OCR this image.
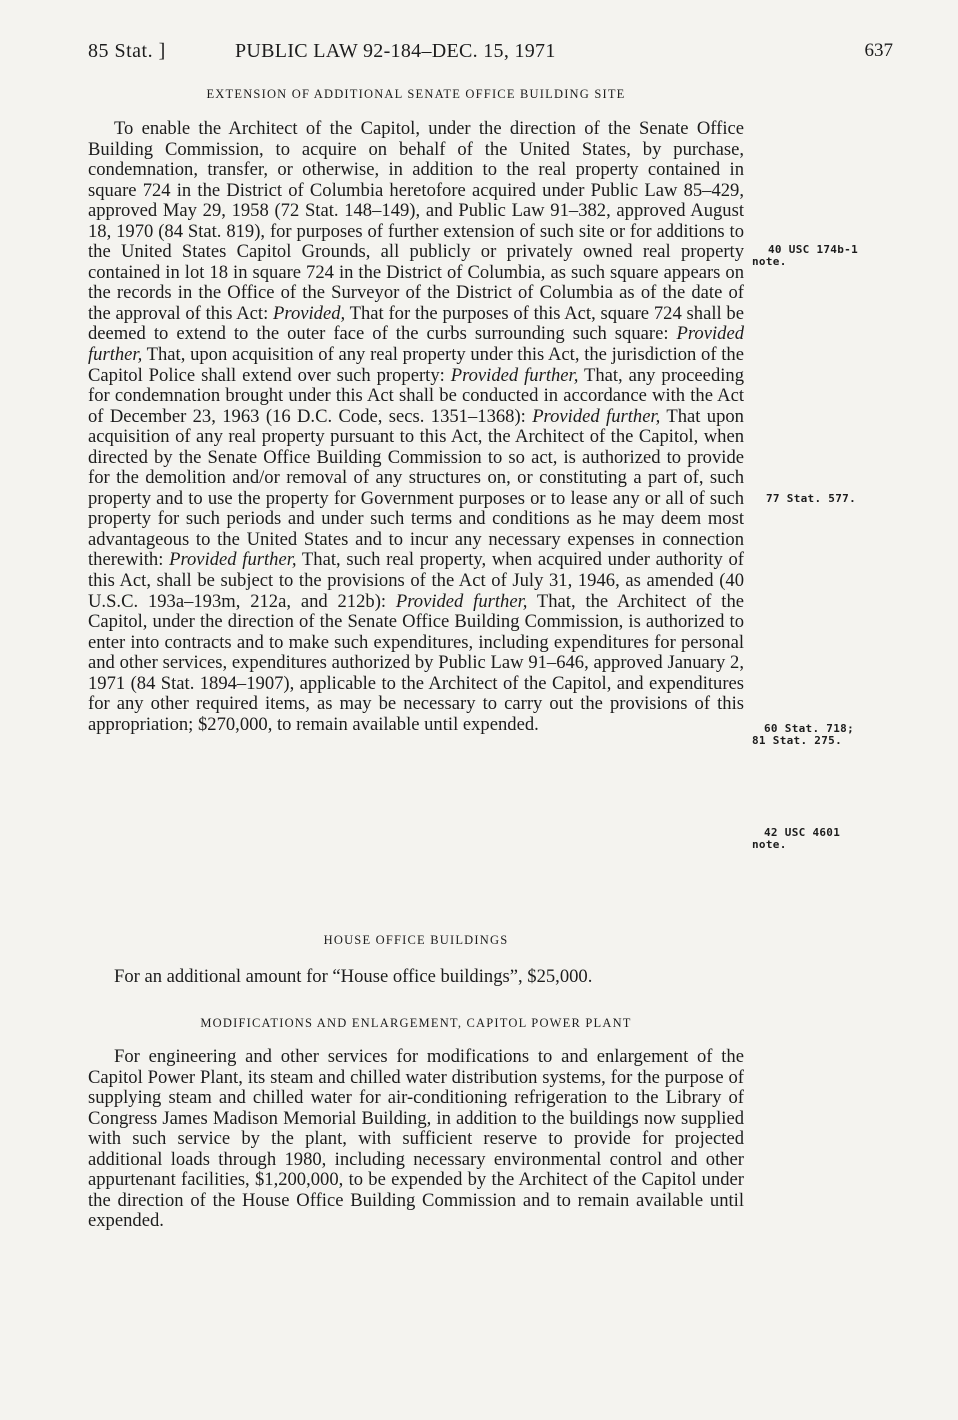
85 Stat. ]	PUBLIC LAW 92-184–DEC. 15, 1971	637
EXTENSION OF ADDITIONAL SENATE OFFICE BUILDING SITE

To enable the Architect of the Capitol, under the direction of the Senate Office Building Commission, to acquire on behalf of the United States, by purchase, condemnation, transfer, or otherwise, in addition to the real property contained in square 724 in the District of Columbia heretofore acquired under Public Law 85–429, approved May 29, 1958 (72 Stat. 148–149), and Public Law 91–382, approved August 18, 1970 (84 Stat. 819), for purposes of further extension of such site or for additions to the United States Capitol Grounds, all publicly or privately owned real property contained in lot 18 in square 724 in the District of Columbia, as such square appears on the records in the Office of the Surveyor of the District of Columbia as of the date of the approval of this Act: Provided, That for the purposes of this Act, square 724 shall be deemed to extend to the outer face of the curbs surrounding such square: Provided further, That, upon acquisition of any real property under this Act, the jurisdiction of the Capitol Police shall extend over such property: Provided further, That, any proceeding for condemnation brought under this Act shall be conducted in accordance with the Act of December 23, 1963 (16 D.C. Code, secs. 1351–1368): Provided further, That upon acquisition of any real property pursuant to this Act, the Architect of the Capitol, when directed by the Senate Office Building Commission to so act, is authorized to provide for the demolition and/or removal of any structures on, or constituting a part of, such property and to use the property for Government purposes or to lease any or all of such property for such periods and under such terms and conditions as he may deem most advantageous to the United States and to incur any necessary expenses in connection therewith: Provided further, That, such real property, when acquired under authority of this Act, shall be subject to the provisions of the Act of July 31, 1946, as amended (40 U.S.C. 193a–193m, 212a, and 212b): Provided further, That, the Architect of the Capitol, under the direction of the Senate Office Building Commission, is authorized to enter into contracts and to make such expenditures, including expenditures for personal and other services, expenditures authorized by Public Law 91–646, approved January 2, 1971 (84 Stat. 1894–1907), applicable to the Architect of the Capitol, and expenditures for any other required items, as may be necessary to carry out the provisions of this appropriation; $270,000, to remain available until expended.

40 USC 174b-1
note.
77 Stat. 577.
60 Stat. 718;
81 Stat. 275.
42 USC 4601
note.
HOUSE OFFICE BUILDINGS
For an additional amount for “House office buildings”, $25,000.
MODIFICATIONS AND ENLARGEMENT, CAPITOL POWER PLANT

For engineering and other services for modifications to and enlargement of the Capitol Power Plant, its steam and chilled water distribution systems, for the purpose of supplying steam and chilled water for air-conditioning refrigeration to the Library of Congress James Madison Memorial Building, in addition to the buildings now supplied with such service by the plant, with sufficient reserve to provide for projected additional loads through 1980, including necessary environmental control and other appurtenant facilities, $1,200,000, to be expended by the Architect of the Capitol under the direction of the House Office Building Commission and to remain available until expended.
